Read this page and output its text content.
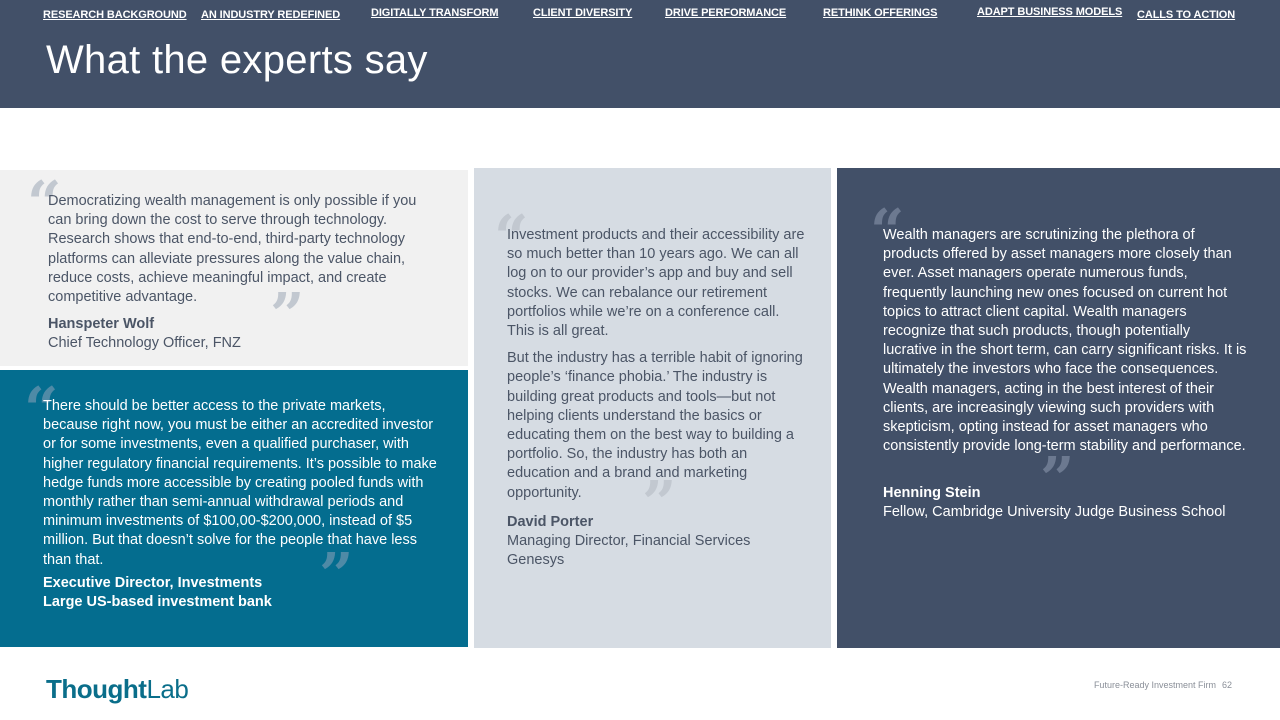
RESEARCH BACKGROUND AN INDUSTRY REDEFINED	DIGITALLY TRANSFORM	CLIENT DIVERSITY	DRIVE PERFORMANCE	RETHINK OFFERINGS	ADAPT BUSINESS MODELS CALLS TO ACTION
What the experts say
“

Democratizing wealth management is only possible if you can bring down the cost to serve through technology. Research shows that end-to-end, third-party technology platforms can alleviate pressures along the value chain, reduce costs, achieve meaningful impact, and create competitive advantage.	”
Hanspeter Wolf
Chief Technology Officer, FNZ
“

There should be better access to the private markets, because right now, you must be either an accredited investor or for some investments, even a qualified purchaser, with higher regulatory financial requirements. It’s possible to make hedge funds more accessible by creating pooled funds with monthly rather than semi-annual withdrawal periods and minimum investments of $100,00-$200,000, instead of $5 million. But that doesn’t solve for the people that have less than that.	”
Executive Director, Investments
Large US-based investment bank
“

Investment products and their accessibility are so much better than 10 years ago. We can all log on to our provider’s app and buy and sell stocks. We can rebalance our retirement portfolios while we’re on a conference call. This is all great.

But the industry has a terrible habit of ignoring people’s ‘finance phobia.’ The industry is building great products and tools—but not helping clients understand the basics or educating them on the best way to building a portfolio. So, the industry has both an education and a brand and marketing opportunity.	”
David Porter
Managing Director, Financial Services Genesys
“

Wealth managers are scrutinizing the plethora of products offered by asset managers more closely than ever. Asset managers operate numerous funds, frequently launching new ones focused on current hot topics to attract client capital. Wealth managers recognize that such products, though potentially lucrative in the short term, can carry significant risks. It is ultimately the investors who face the consequences. Wealth managers, acting in the best interest of their clients, are increasingly viewing such providers with skepticism, opting instead for asset managers who consistently provide long-term stability and performance.

”
Henning Stein
Fellow, Cambridge University Judge Business School
ThoughtLab	Future-Ready Investment Firm 62
